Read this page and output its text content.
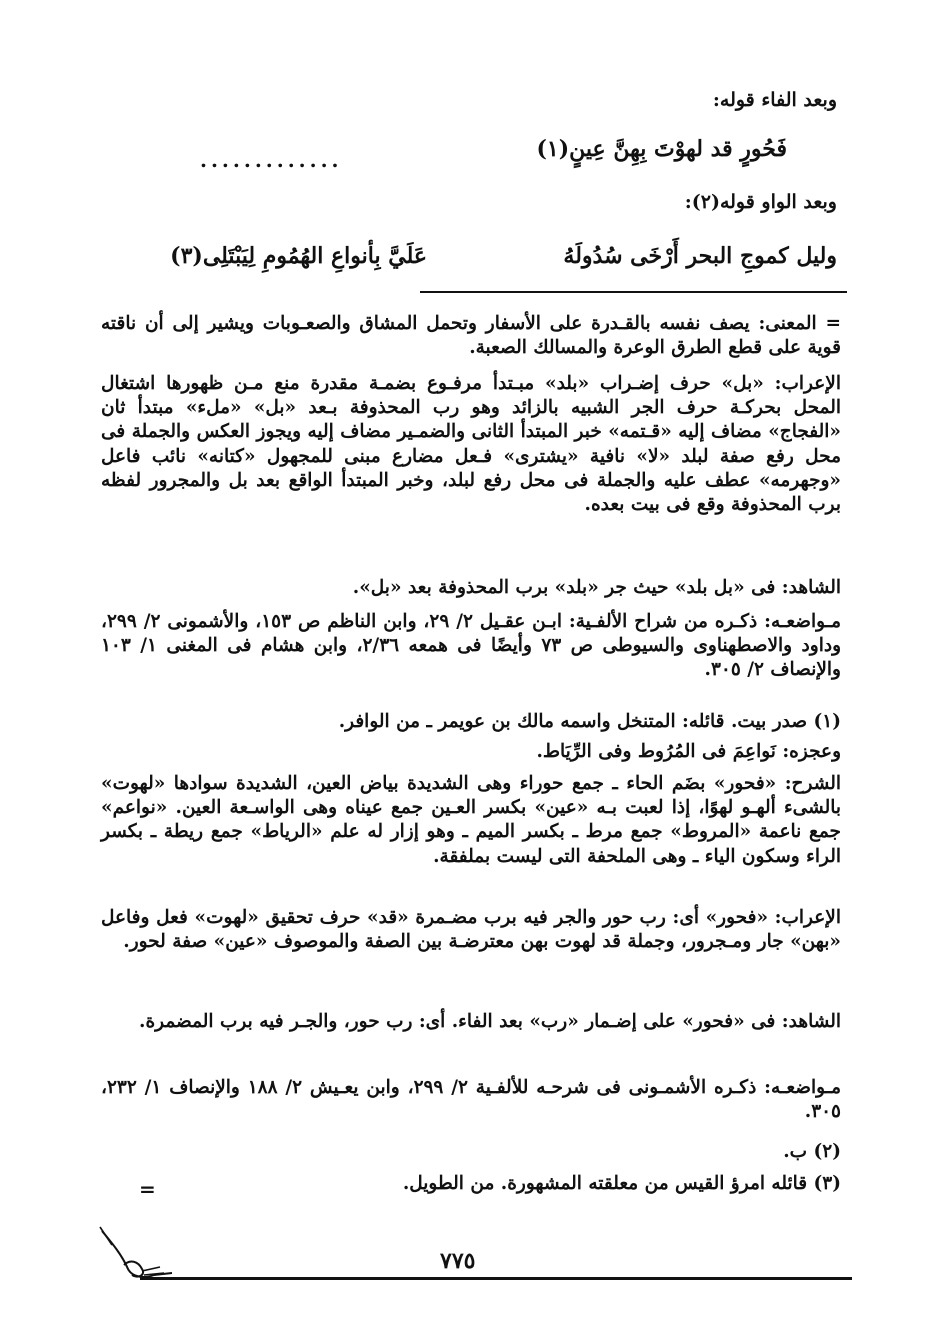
وبعد الفاء قوله:
فَحُورٍ قد لهوْتَ بِهِنَّ عِينٍ(١)
.............
وبعد الواو قوله(٢):
وليل كموجِ البحر أَرْخَى سُدُولَهُ
عَلَيَّ بِأنواعِ الهُمُومِ لِيَبْتَلِى(٣)
= المعنى: يصف نفسه بالقـدرة على الأسفار وتحمل المشاق والصعـوبات ويشير إلى أن ناقته قوية على قطع الطرق الوعرة والمسالك الصعبة.
الإعراب: «بل» حرف إضـراب «بلد» مبـتدأ مرفـوع بضمـة مقدرة منع مـن ظهورها اشتغال المحل بحركـة حرف الجر الشبيه بالزائد وهو رب المحذوفة بـعد «بل» «ملء» مبتدأ ثان «الفجاج» مضاف إليه «قـتمه» خبر المبتدأ الثانى والضمـير مضاف إليه ويجوز العكس والجملة فى محل رفع صفة لبلد «لا» نافية «يشترى» فـعل مضارع مبنى للمجهول «كتانه» نائب فاعل «وجهرمه» عطف عليه والجملة فى محل رفع لبلد، وخبر المبتدأ الواقع بعد بل والمجرور لفظه برب المحذوفة وقع فى بيت بعده.
الشاهد: فى «بل بلد» حيث جر «بلد» برب المحذوفة بعد «بل».
مـواضعـه: ذكـره من شراح الألفـية: ابـن عقـيل ٢/ ٢٩، وابن الناظم ص ١٥٣، والأشمونى ٢/ ٢٩٩، وداود والاصطهناوى والسيوطى ص ٧٣ وأيضًا فى همعه ٢/٣٦، وابن هشام فى المغنى ١/ ١٠٣ والإنصاف ٢/ ٣٠٥.
(١) صدر بيت. قائله: المتنخل واسمه مالك بن عويمر ـ من الوافر.
وعجزه: نَواعِمَ فى المُرُوط وفى الرِّيَاط.
الشرح: «فحور» بضَم الحاء ـ جمع حوراء وهى الشديدة بياض العين، الشديدة سوادها «لهوت» بالشىء ألهـو لهوًا، إذا لعبت بـه «عين» بكسر العـين جمع عيناه وهى الواسـعة العين. «نواعم» جمع ناعمة «المروط» جمع مرط ـ بكسر الميم ـ وهو إزار له علم «الرياط» جمع ريطة ـ بكسر الراء وسكون الياء ـ وهى الملحفة التى ليست بملفقة.
الإعراب: «فحور» أى: رب حور والجر فيه برب مضـمرة «قد» حرف تحقيق «لهوت» فعل وفاعل «بهن» جار ومـجرور، وجملة قد لهوت بهن معترضـة بين الصفة والموصوف «عين» صفة لحور.
الشاهد: فى «فحور» على إضـمار «رب» بعد الفاء. أى: رب حور، والجـر فيه برب المضمرة.
مـواضعـه: ذكـره الأشمـونى فى شرحـه للألفـية ٢/ ٢٩٩، وابن يعـيش ٢/ ١٨٨ والإنصاف ١/ ٢٣٢، ٣٠٥.
(٢) ب.
(٣) قائله امرؤ القيس من معلقته المشهورة. من الطويل.
=
٧٧٥
